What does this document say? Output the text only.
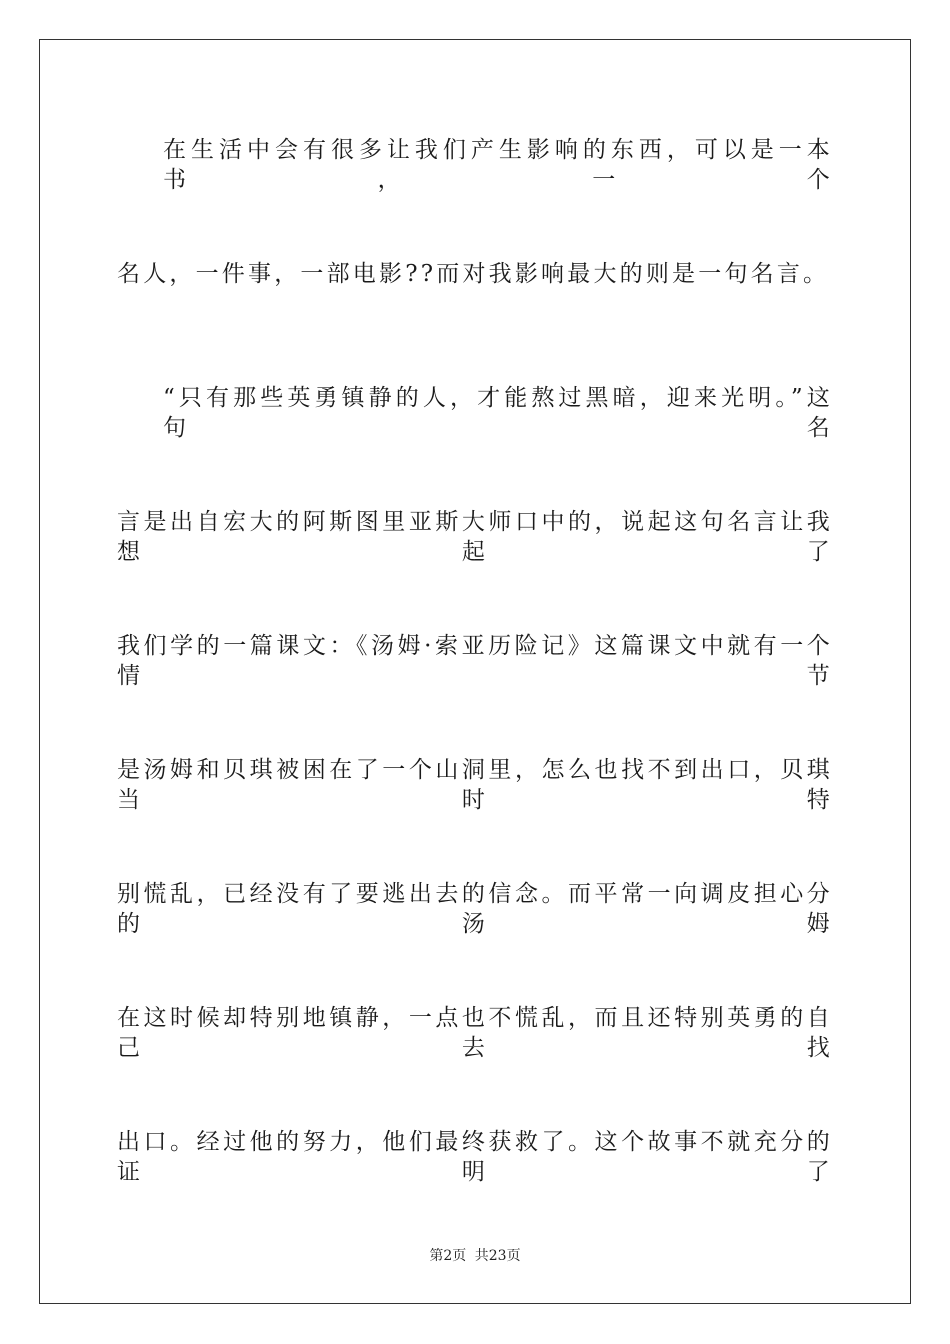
在生活中会有很多让我们产生影响的东西，可以是一本书，一个
名人，一件事，一部电影??而对我影响最大的则是一句名言。
“只有那些英勇镇静的人，才能熬过黑暗，迎来光明。”这句名
言是出自宏大的阿斯图里亚斯大师口中的，说起这句名言让我想起了
我们学的一篇课文：《汤姆·索亚历险记》这篇课文中就有一个情节
是汤姆和贝琪被困在了一个山洞里，怎么也找不到出口，贝琪当时特
别慌乱，已经没有了要逃出去的信念。而平常一向调皮担心分的汤姆
在这时候却特别地镇静，一点也不慌乱，而且还特别英勇的自己去找
出口。经过他的努力，他们最终获救了。这个故事不就充分的证明了
第2页 共23页
